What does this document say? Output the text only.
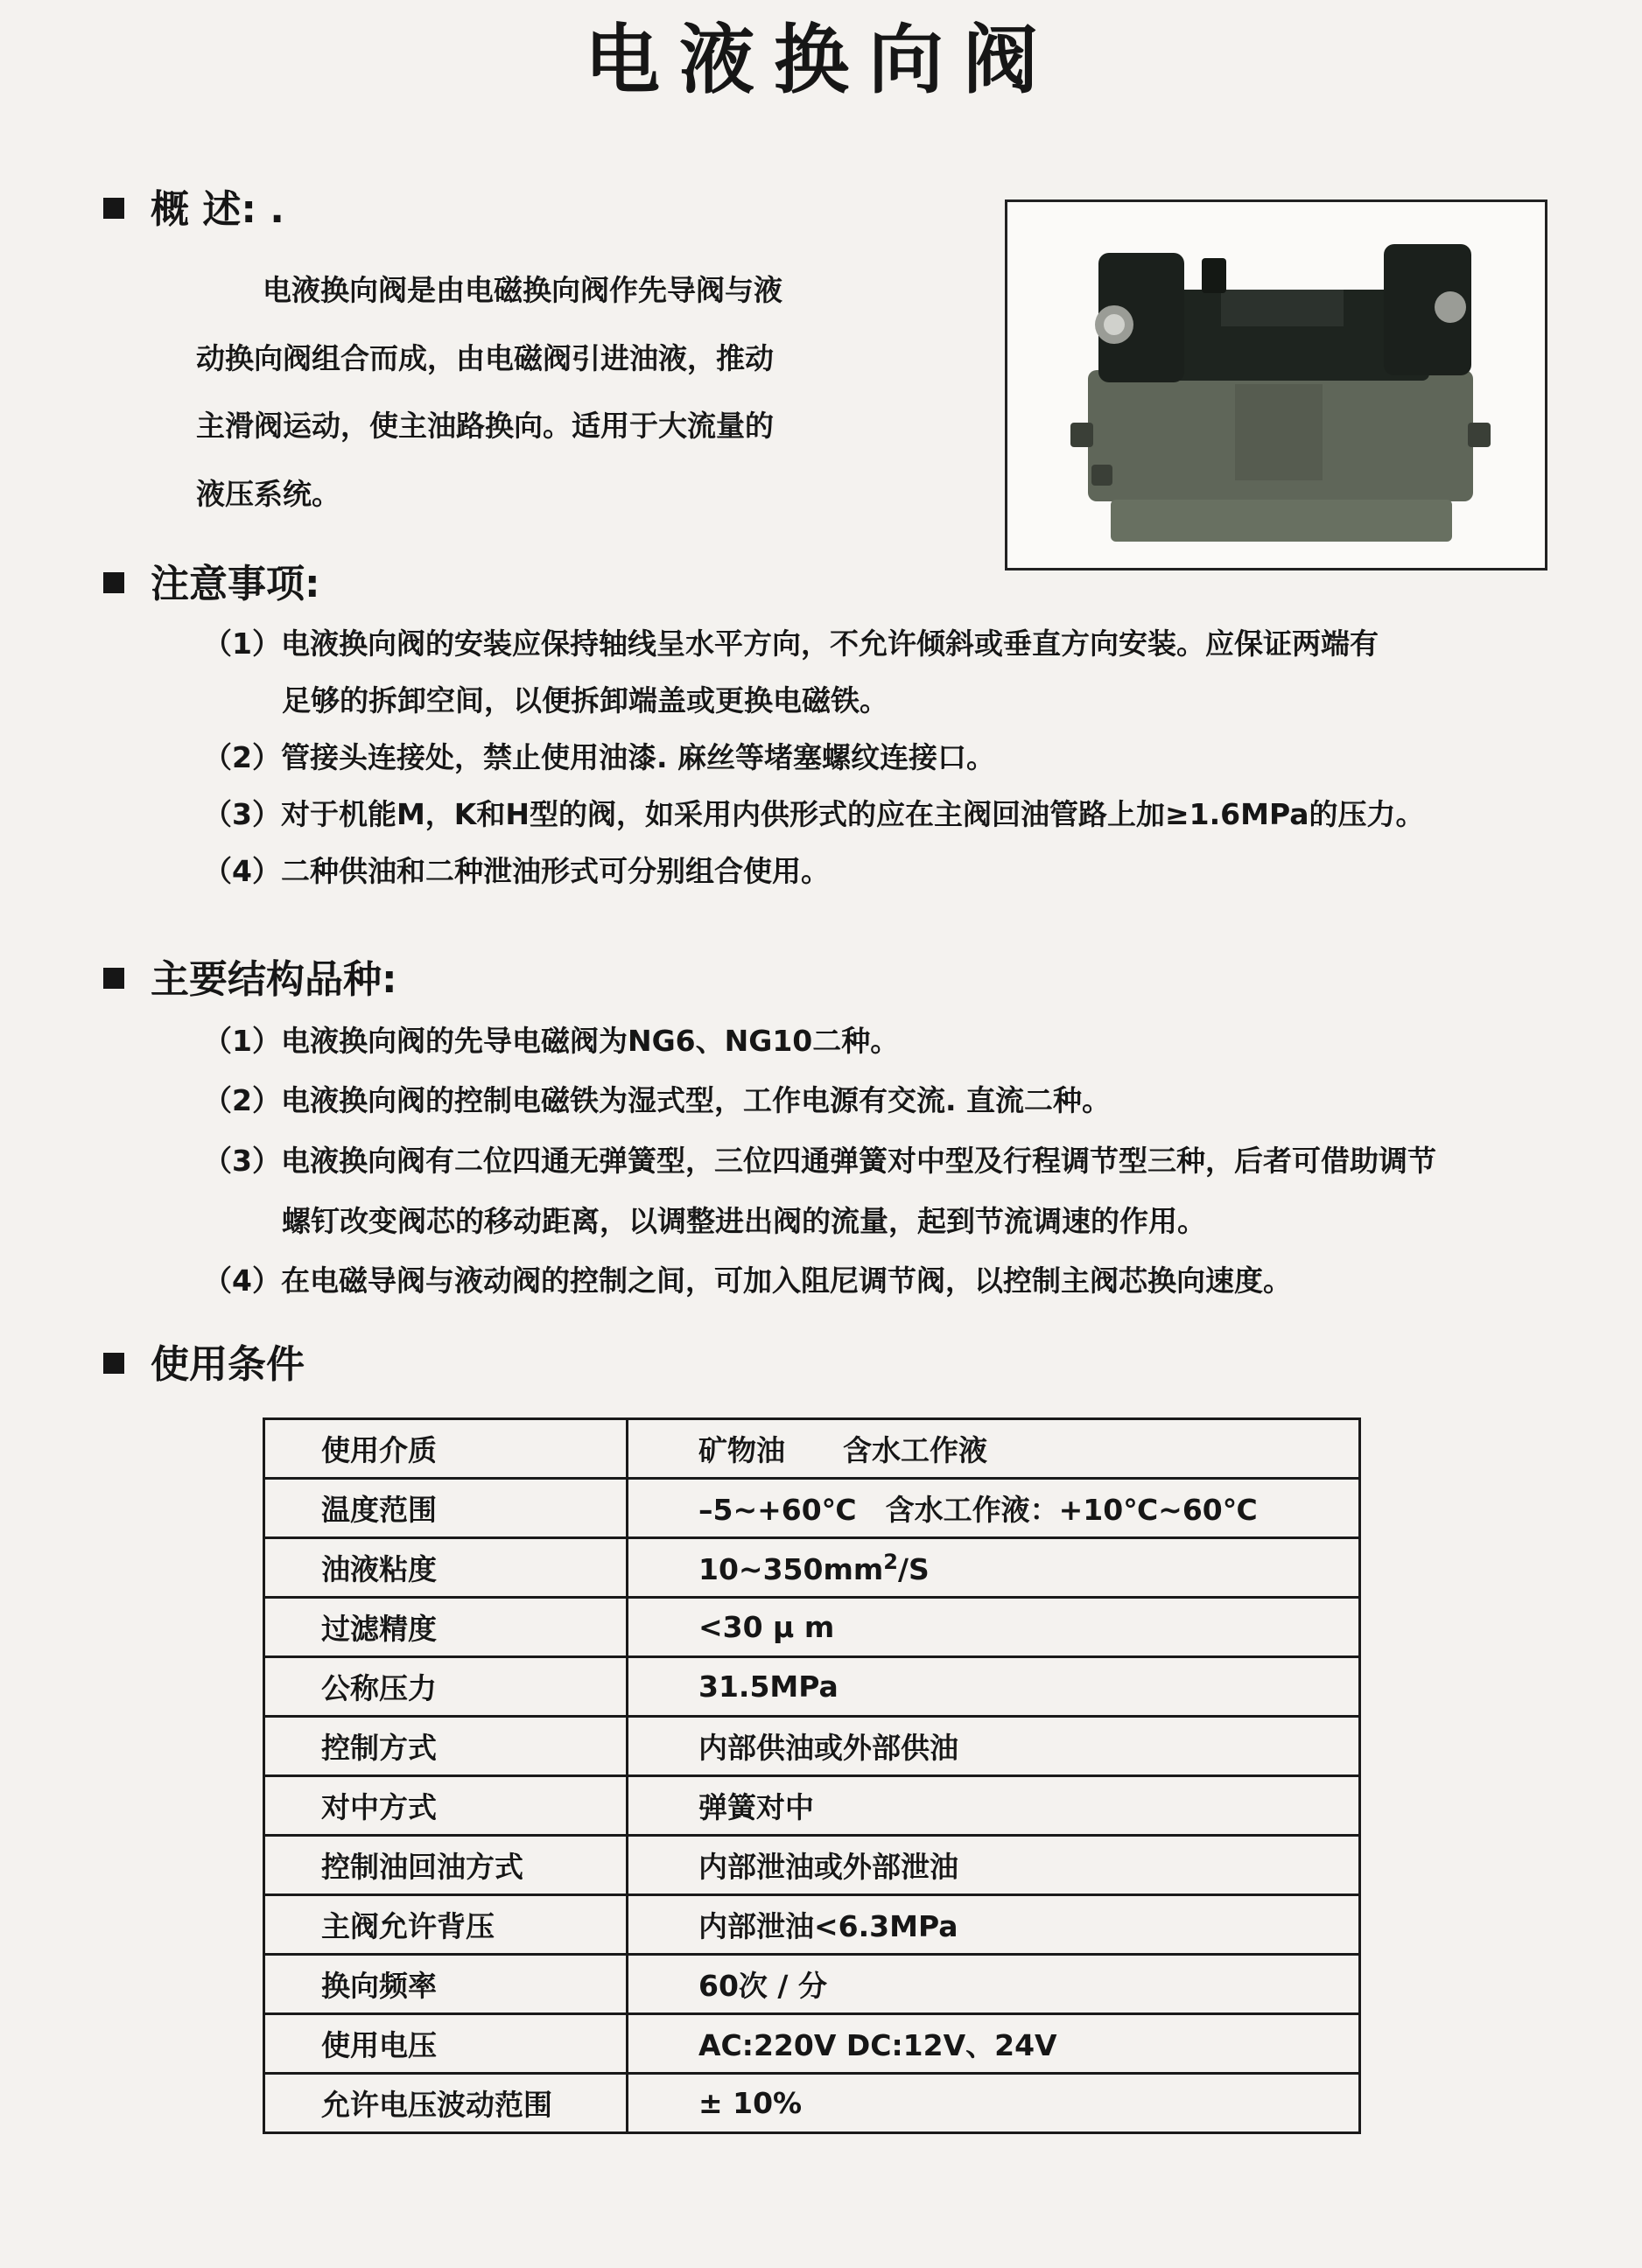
电液换向阀
概 述: .
电液换向阀是由电磁换向阀作先导阀与液
动换向阀组合而成，由电磁阀引进油液，推动
主滑阀运动，使主油路换向。适用于大流量的
液压系统。
注意事项:
（1）电液换向阀的安装应保持轴线呈水平方向，不允许倾斜或垂直方向安装。应保证两端有
足够的拆卸空间，以便拆卸端盖或更换电磁铁。
（2）管接头连接处，禁止使用油漆. 麻丝等堵塞螺纹连接口。
（3）对于机能M，K和H型的阀，如采用内供形式的应在主阀回油管路上加≥1.6MPa的压力。
（4）二种供油和二种泄油形式可分别组合使用。
主要结构品种:
（1）电液换向阀的先导电磁阀为NG6、NG10二种。
（2）电液换向阀的控制电磁铁为湿式型，工作电源有交流. 直流二种。
（3）电液换向阀有二位四通无弹簧型，三位四通弹簧对中型及行程调节型三种，后者可借助调节
螺钉改变阀芯的移动距离，以调整进出阀的流量，起到节流调速的作用。
（4）在电磁导阀与液动阀的控制之间，可加入阻尼调节阀，以控制主阀芯换向速度。
使用条件
使用介质	矿物油　　含水工作液
温度范围	–5~+60℃　含水工作液：+10℃~60℃
油液粘度	$10\sim 350mm^2/S$
过滤精度	<30 μ m
公称压力	31.5MPa
控制方式	内部供油或外部供油
对中方式	弹簧对中
控制油回油方式	内部泄油或外部泄油
主阀允许背压	内部泄油<6.3MPa
换向频率	60次 / 分
使用电压	AC:220V DC:12V、24V
允许电压波动范围	± 10%
